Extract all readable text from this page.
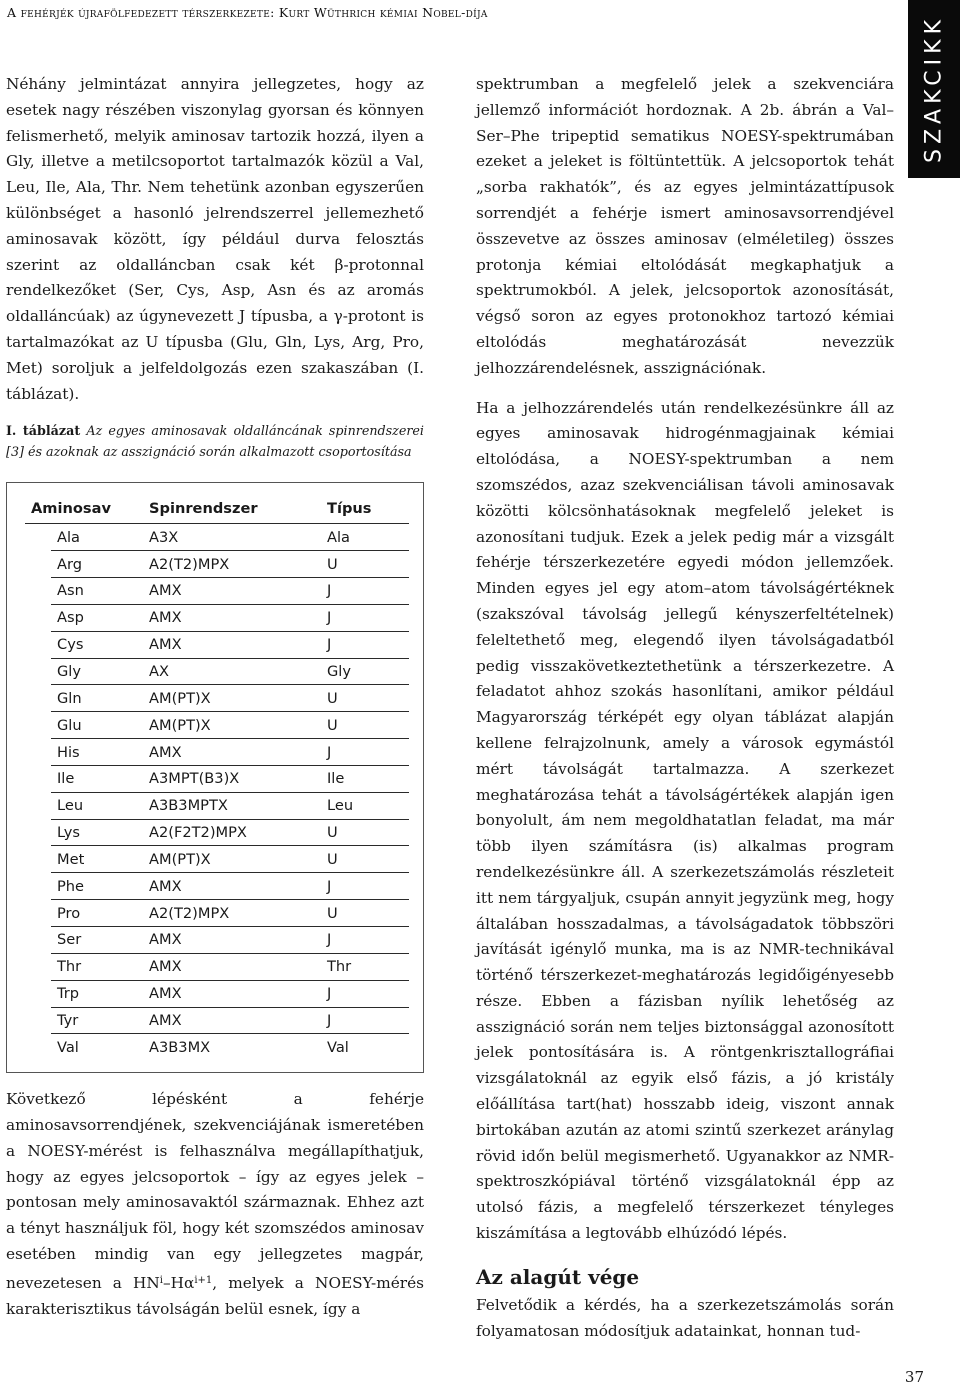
A fehérjék újrafölfedezett térszerkezete: Kurt Wüthrich kémiai Nobel-díja
SZAKCIKK

Néhány jelmintázat annyira jellegzetes, hogy az esetek nagy részében viszonylag gyorsan és könnyen felismerhető, melyik aminosav tartozik hozzá, ilyen a Gly, illetve a metilcsoportot tartalmazók közül a Val, Leu, Ile, Ala, Thr. Nem tehetünk azonban egyszerűen különbséget a hasonló jelrendszerrel jellemezhető aminosavak között, így például durva felosztás szerint az oldalláncban csak két β-protonnal rendelkezőket (Ser, Cys, Asp, Asn és az aromás oldalláncúak) az úgynevezett J típusba, a γ-protont is tartalmazókat az U típusba (Glu, Gln, Lys, Arg, Pro, Met) soroljuk a jelfeldolgozás ezen szakaszában (I. táblázat).

I. táblázat Az egyes aminosavak oldalláncának spinrendszerei [3] és azoknak az asszignáció során alkalmazott csoportosítása

Aminosav	Spinrendszer	Típus
Ala	A3X	Ala
Arg	A2(T2)MPX	U
Asn	AMX	J
Asp	AMX	J
Cys	AMX	J
Gly	AX	Gly
Gln	AM(PT)X	U
Glu	AM(PT)X	U
His	AMX	J
Ile	A3MPT(B3)X	Ile
Leu	A3B3MPTX	Leu
Lys	A2(F2T2)MPX	U
Met	AM(PT)X	U
Phe	AMX	J
Pro	A2(T2)MPX	U
Ser	AMX	J
Thr	AMX	Thr
Trp	AMX	J
Tyr	AMX	J
Val	A3B3MX	Val

Következő lépésként a fehérje aminosavsorrendjének, szekvenciájának ismeretében a NOESY-mérést is felhasználva megállapíthatjuk, hogy az egyes jelcsoportok – így az egyes jelek – pontosan mely aminosavaktól származnak. Ehhez azt a tényt használjuk föl, hogy két szomszédos aminosav esetében mindig van egy jellegzetes magpár, nevezetesen a $HN^i-H\alpha^{i+1}$, melyek a NOESY-mérés karakterisztikus távolságán belül esnek, így a

spektrumban a megfelelő jelek a szekvenciára jellemző információt hordoznak. A 2b. ábrán a Val–Ser–Phe tripeptid sematikus NOESY-spektrumában ezeket a jeleket is föltüntettük. A jelcsoportok tehát „sorba rakhatók”, és az egyes jelmintázattípusok sorrendjét a fehérje ismert aminosavsorrendjével összevetve az összes aminosav (elméletileg) összes protonja kémiai eltolódását megkaphatjuk a spektrumokból. A jelek, jelcsoportok azonosítását, végső soron az egyes protonokhoz tartozó kémiai eltolódás meghatározását nevezzük jelhozzárendelésnek, asszignációnak.

Ha a jelhozzárendelés után rendelkezésünkre áll az egyes aminosavak hidrogénmagjainak kémiai eltolódása, a NOESY-spektrumban a nem szomszédos, azaz szekvenciálisan távoli aminosavak közötti kölcsönhatásoknak megfelelő jeleket is azonosítani tudjuk. Ezek a jelek pedig már a vizsgált fehérje térszerkezetére egyedi módon jellemzőek. Minden egyes jel egy atom–atom távolságértéknek (szakszóval távolság jellegű kényszerfeltételnek) feleltethető meg, elegendő ilyen távolságadatból pedig visszakövetkeztethetünk a térszerkezetre. A feladatot ahhoz szokás hasonlítani, amikor például Magyarország térképét egy olyan táblázat alapján kellene felrajzolnunk, amely a városok egymástól mért távolságát tartalmazza. A szerkezet meghatározása tehát a távolságértékek alapján igen bonyolult, ám nem megoldhatatlan feladat, ma már több ilyen számításra (is) alkalmas program rendelkezésünkre áll. A szerkezetszámolás részleteit itt nem tárgyaljuk, csupán annyit jegyzünk meg, hogy általában hosszadalmas, a távolságadatok többszöri javítását igénylő munka, ma is az NMR-technikával történő térszerkezet-meghatározás legidőigényesebb része. Ebben a fázisban nyílik lehetőség az asszignáció során nem teljes biztonsággal azonosított jelek pontosítására is. A röntgenkrisztallográfiai vizsgálatoknál az egyik első fázis, a jó kristály előállítása tart(hat) hosszabb ideig, viszont annak birtokában azután az atomi szintű szerkezet aránylag rövid időn belül megismerhető. Ugyanakkor az NMR-spektroszkópiával történő vizsgálatoknál épp az utolsó fázis, a megfelelő térszerkezet tényleges kiszámítása a legtovább elhúzódó lépés.

Az alagút vége

Felvetődik a kérdés, ha a szerkezetszámolás során folyamatosan módosítjuk adatainkat, honnan tud-

37
